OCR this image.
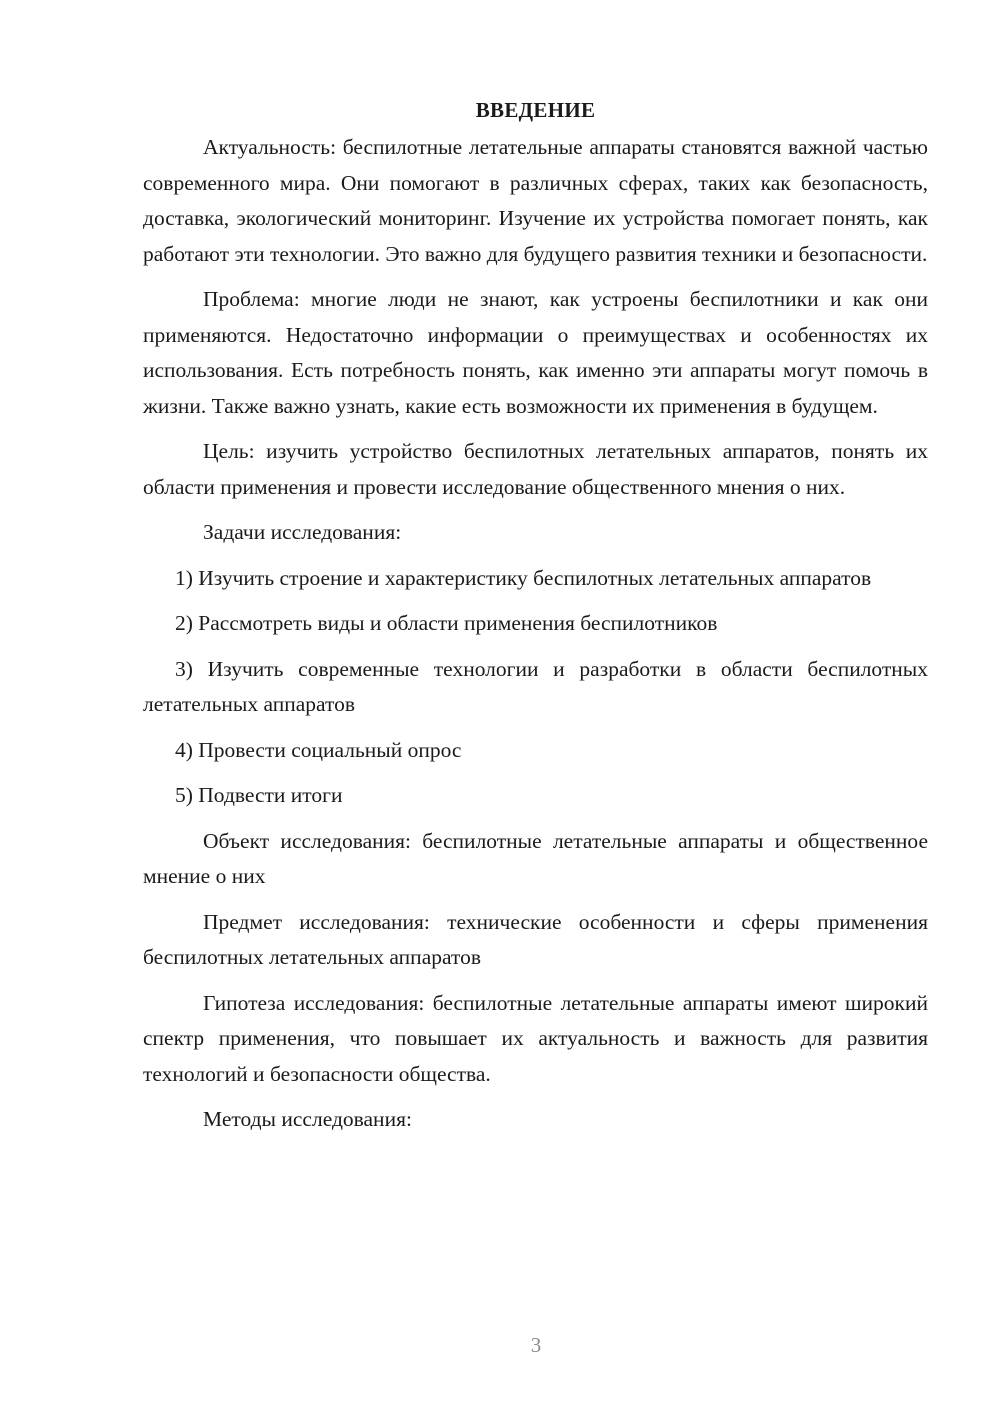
ВВЕДЕНИЕ

Актуальность: беспилотные летательные аппараты становятся важной частью современного мира. Они помогают в различных сферах, таких как безопасность, доставка, экологический мониторинг. Изучение их устройства помогает понять, как работают эти технологии. Это важно для будущего развития техники и безопасности.

Проблема: многие люди не знают, как устроены беспилотники и как они применяются. Недостаточно информации о преимуществах и особенностях их использования. Есть потребность понять, как именно эти аппараты могут помочь в жизни. Также важно узнать, какие есть возможности их применения в будущем.

Цель: изучить устройство беспилотных летательных аппаратов, понять их области применения и провести исследование общественного мнения о них.

Задачи исследования:

1) Изучить строение и характеристику беспилотных летательных аппаратов

2) Рассмотреть виды и области применения беспилотников

3) Изучить современные технологии и разработки в области беспилотных летательных аппаратов

4) Провести социальный опрос

5) Подвести итоги

Объект исследования: беспилотные летательные аппараты и общественное мнение о них

Предмет исследования: технические особенности и сферы применения беспилотных летательных аппаратов

Гипотеза исследования: беспилотные летательные аппараты имеют широкий спектр применения, что повышает их актуальность и важность для развития технологий и безопасности общества.

Методы исследования:

3
